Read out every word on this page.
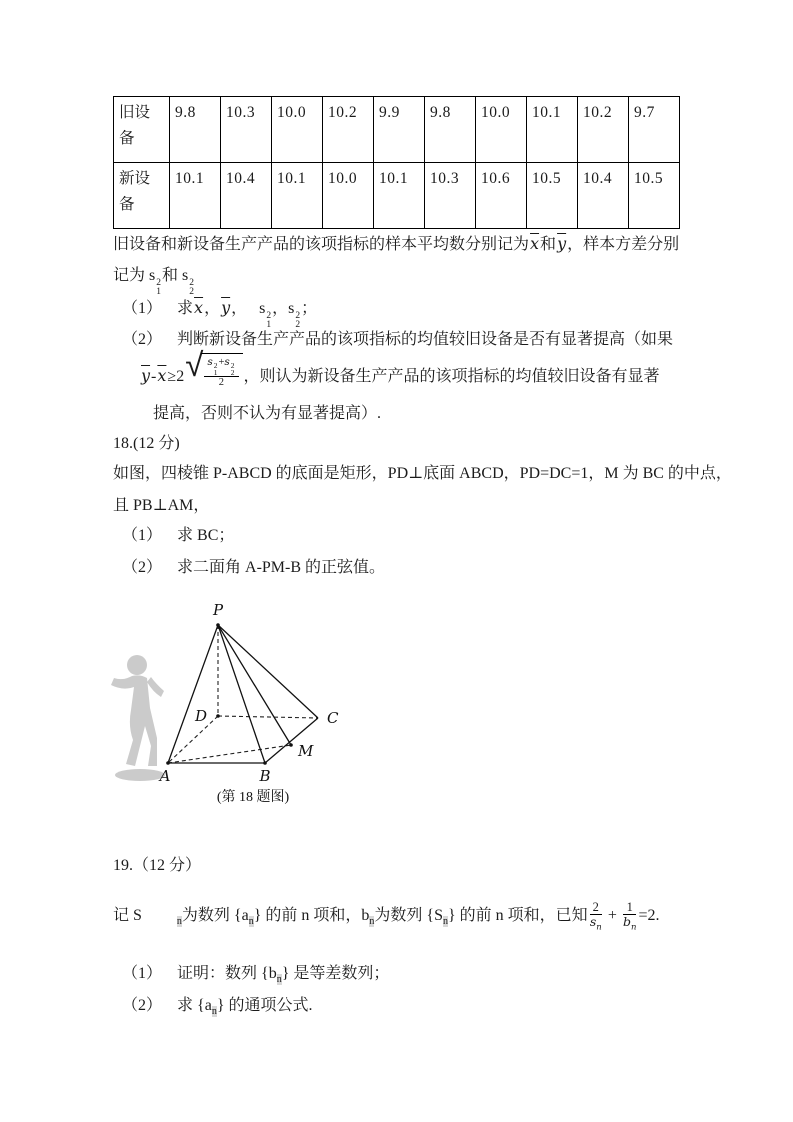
旧设备	9.8	10.3	10.0	10.2	9.9	9.8	10.0	10.1	10.2	9.7
新设备	10.1	10.4	10.1	10.0	10.1	10.3	10.6	10.5	10.4	10.5
旧设备和新设备生产产品的该项指标的样本平均数分别记为$\overline{x}$和$\overline{y}$，样本方差分别
记为 s 2
1
和 s 2
2
（1） 求$\overline{x}$，$\overline{y}$， s 2
1
，s 2
2
；
（2） 判断新设备生产产品的该项指标的均值较旧设备是否有显著提高（如果
$\overline{y}-\overline{x}\ge 2$ √ s 2
1
+s 2
2
2 ，则认为新设备生产产品的该项指标的均值较旧设备有显著
提高，否则不认为有显著提高）.
18.(12 分)
如图，四棱锥 P-ABCD 的底面是矩形，PD⊥底面 ABCD，PD=DC=1，M 为 BC 的中点，
且 PB⊥AM，
（1） 求 BC；
（2） 求二面角 A-PM-B 的正弦值。
P
D	C
M
A	B
(第 18 题图)
19.（12 分）
记 S	$_n$为数列 $\{a_n\}$ 的前 n 项和，$b_n$为数列 $\{S_n\}$ 的前 n 项和，已知 $\frac{2}{s_n} + \frac{1}{b_n} =2$.
（1） 证明：数列 $\{b_n\}$ 是等差数列；
（2） 求 $\{a_n\}$ 的通项公式.
